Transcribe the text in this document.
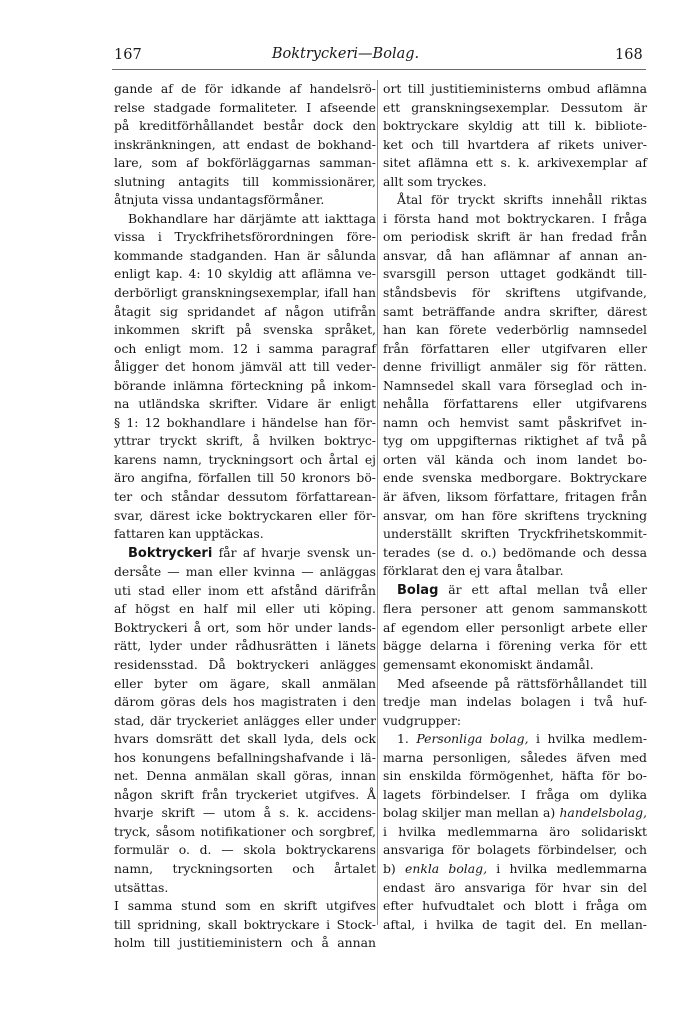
167	Boktryckeri—Bolag.	168

gande af de för idkande af handelsrö-

relse stadgade formaliteter. I afseende

på kreditförhållandet består dock den

inskränkningen, att endast de bokhand-

lare, som af bokförläggarnas samman-

slutning antagits till kommissionärer,

åtnjuta vissa undantagsförmåner.

Bokhandlare har därjämte att iakttaga

vissa i Tryckfrihetsförordningen före-

kommande stadganden. Han är sålunda

enligt kap. 4: 10 skyldig att aflämna ve-

derbörligt granskningsexemplar, ifall han

åtagit sig spridandet af någon utifrån

inkommen skrift på svenska språket,

och enligt mom. 12 i samma paragraf

åligger det honom jämväl att till veder-

börande inlämna förteckning på inkom-

na utländska skrifter. Vidare är enligt

§ 1: 12 bokhandlare i händelse han för-

yttrar tryckt skrift, å hvilken boktryc-

karens namn, tryckningsort och årtal ej

äro angifna, förfallen till 50 kronors bö-

ter och ståndar dessutom författarean-

svar, därest icke boktryckaren eller för-

fattaren kan upptäckas.

Boktryckeri får af hvarje svensk un-

dersåte — man eller kvinna — anläggas

uti stad eller inom ett afstånd därifrån

af högst en half mil eller uti köping.

Boktryckeri å ort, som hör under lands-

rätt, lyder under rådhusrätten i länets

residensstad. Då boktryckeri anlägges

eller byter om ägare, skall anmälan

därom göras dels hos magistraten i den

stad, där tryckeriet anlägges eller under

hvars domsrätt det skall lyda, dels ock

hos konungens befallningshafvande i lä-

net. Denna anmälan skall göras, innan

någon skrift från tryckeriet utgifves. Å

hvarje skrift — utom å s. k. accidens-

tryck, såsom notifikationer och sorgbref,

formulär o. d. — skola boktryckarens

namn, tryckningsorten och årtalet utsättas.

I samma stund som en skrift utgifves

till spridning, skall boktryckare i Stock-

holm till justitieministern och å annan

ort till justitieministerns ombud aflämna

ett granskningsexemplar. Dessutom är

boktryckare skyldig att till k. bibliote-

ket och till hvartdera af rikets univer-

sitet aflämna ett s. k. arkivexemplar af

allt som tryckes.

Åtal för tryckt skrifts innehåll riktas

i första hand mot boktryckaren. I fråga

om periodisk skrift är han fredad från

ansvar, då han aflämnar af annan an-

svarsgill person uttaget godkändt till-

ståndsbevis för skriftens utgifvande,

samt beträffande andra skrifter, därest

han kan förete vederbörlig namnsedel

från författaren eller utgifvaren eller

denne frivilligt anmäler sig för rätten.

Namnsedel skall vara förseglad och in-

nehålla författarens eller utgifvarens

namn och hemvist samt påskrifvet in-

tyg om uppgifternas riktighet af två på

orten väl kända och inom landet bo-

ende svenska medborgare. Boktryckare

är äfven, liksom författare, fritagen från

ansvar, om han före skriftens tryckning

underställt skriften Tryckfrihetskommit-

terades (se d. o.) bedömande och dessa

förklarat den ej vara åtalbar.

Bolag är ett aftal mellan två eller

flera personer att genom sammanskott

af egendom eller personligt arbete eller

bägge delarna i förening verka för ett

gemensamt ekonomiskt ändamål.

Med afseende på rättsförhållandet till

tredje man indelas bolagen i två huf-

vudgrupper:

1. Personliga bolag, i hvilka medlem-

marna personligen, således äfven med

sin enskilda förmögenhet, häfta för bo-

lagets förbindelser. I fråga om dylika

bolag skiljer man mellan a) handelsbolag,

i hvilka medlemmarna äro solidariskt

ansvariga för bolagets förbindelser, och

b) enkla bolag, i hvilka medlemmarna

endast äro ansvariga för hvar sin del

efter hufvudtalet och blott i fråga om

aftal, i hvilka de tagit del. En mellan-
